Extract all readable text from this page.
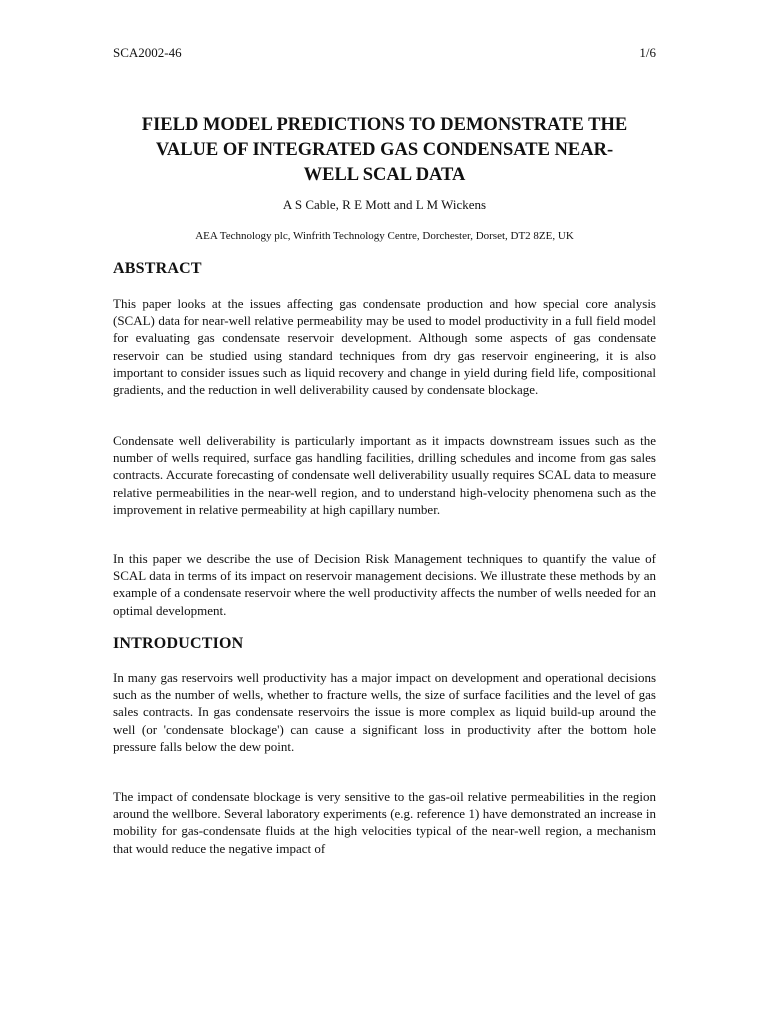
SCA2002-46	1/6
FIELD MODEL PREDICTIONS TO DEMONSTRATE THE
VALUE OF INTEGRATED GAS CONDENSATE NEAR-
WELL SCAL DATA
A S Cable, R E Mott and L M Wickens
AEA Technology plc, Winfrith Technology Centre, Dorchester, Dorset, DT2 8ZE, UK
ABSTRACT

This paper looks at the issues affecting gas condensate production and how special core analysis (SCAL) data for near-well relative permeability may be used to model productivity in a full field model for evaluating gas condensate reservoir development. Although some aspects of gas condensate reservoir can be studied using standard techniques from dry gas reservoir engineering, it is also important to consider issues such as liquid recovery and change in yield during field life, compositional gradients, and the reduction in well deliverability caused by condensate blockage.

Condensate well deliverability is particularly important as it impacts downstream issues such as the number of wells required, surface gas handling facilities, drilling schedules and income from gas sales contracts. Accurate forecasting of condensate well deliverability usually requires SCAL data to measure relative permeabilities in the near-well region, and to understand high-velocity phenomena such as the improvement in relative permeability at high capillary number.

In this paper we describe the use of Decision Risk Management techniques to quantify the value of SCAL data in terms of its impact on reservoir management decisions. We illustrate these methods by an example of a condensate reservoir where the well productivity affects the number of wells needed for an optimal development.

INTRODUCTION

In many gas reservoirs well productivity has a major impact on development and operational decisions such as the number of wells, whether to fracture wells, the size of surface facilities and the level of gas sales contracts. In gas condensate reservoirs the issue is more complex as liquid build-up around the well (or 'condensate blockage') can cause a significant loss in productivity after the bottom hole pressure falls below the dew point.

The impact of condensate blockage is very sensitive to the gas-oil relative permeabilities in the region around the wellbore. Several laboratory experiments (e.g. reference 1) have demonstrated an increase in mobility for gas-condensate fluids at the high velocities typical of the near-well region, a mechanism that would reduce the negative impact of
